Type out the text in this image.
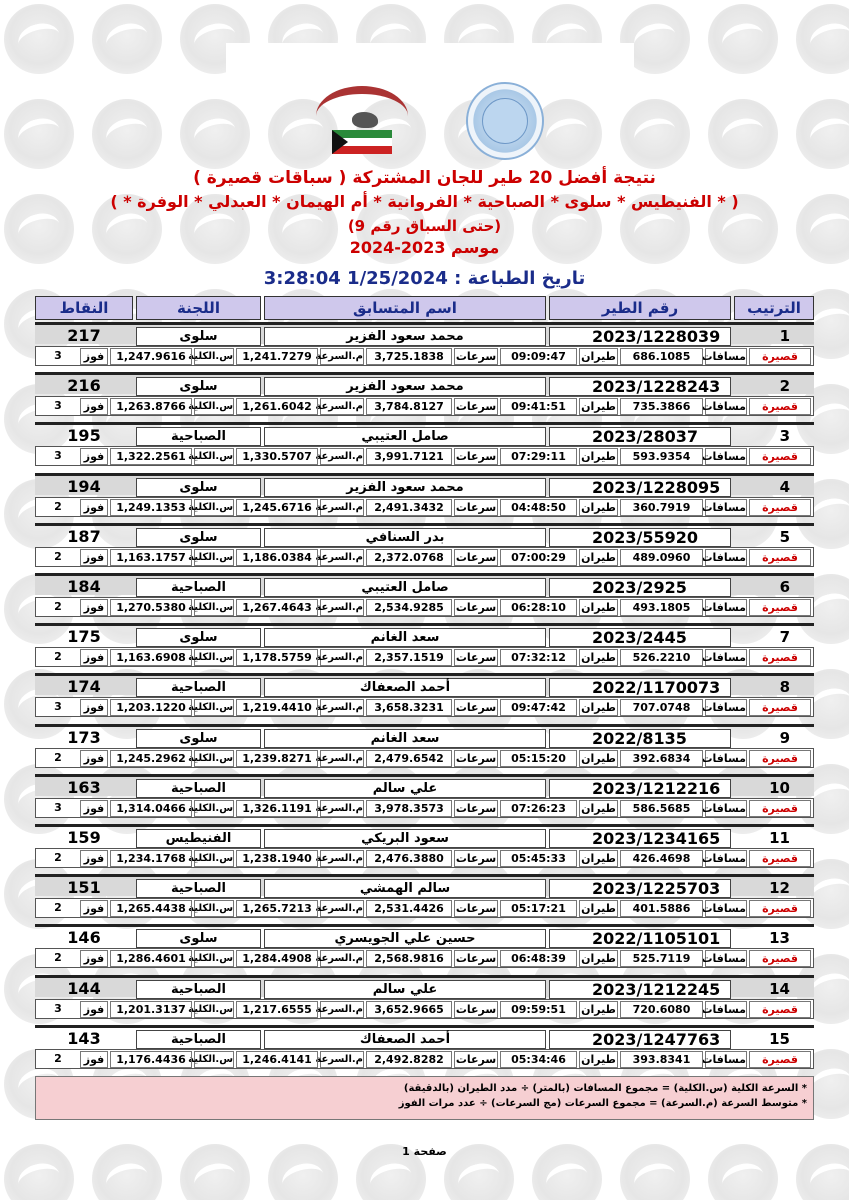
نتيجة أفضل 20 طير للجان المشتركة ( سباقات قصيرة )
( * الفنيطيس * سلوى * الصباحية * الفروانية * أم الهيمان * العبدلي * الوفرة * )
(حتى السباق رقم 9)
موسم 2023-2024
تاريخ الطباعة : 1/25/2024 3:28:04
الترتيب
رقم الطير
اسم المتسابق
اللجنة
النقاط
1
2023/1228039
محمد سعود الفزير
سلوى
217
قصيرة
مسافات
686.1085
طيران
09:09:47
سرعات
3,725.1838
م.السرعة
1,241.7279
س.الكلية
1,247.9616
فوز
3
2
2023/1228243
محمد سعود الفزير
سلوى
216
قصيرة
مسافات
735.3866
طيران
09:41:51
سرعات
3,784.8127
م.السرعة
1,261.6042
س.الكلية
1,263.8766
فوز
3
3
2023/28037
صامل العتيبي
الصباحية
195
قصيرة
مسافات
593.9354
طيران
07:29:11
سرعات
3,991.7121
م.السرعة
1,330.5707
س.الكلية
1,322.2561
فوز
3
4
2023/1228095
محمد سعود الفزير
سلوى
194
قصيرة
مسافات
360.7919
طيران
04:48:50
سرعات
2,491.3432
م.السرعة
1,245.6716
س.الكلية
1,249.1353
فوز
2
5
2023/55920
بدر السنافي
سلوى
187
قصيرة
مسافات
489.0960
طيران
07:00:29
سرعات
2,372.0768
م.السرعة
1,186.0384
س.الكلية
1,163.1757
فوز
2
6
2023/2925
صامل العتيبي
الصباحية
184
قصيرة
مسافات
493.1805
طيران
06:28:10
سرعات
2,534.9285
م.السرعة
1,267.4643
س.الكلية
1,270.5380
فوز
2
7
2023/2445
سعد الغانم
سلوى
175
قصيرة
مسافات
526.2210
طيران
07:32:12
سرعات
2,357.1519
م.السرعة
1,178.5759
س.الكلية
1,163.6908
فوز
2
8
2022/1170073
أحمد الصعفاك
الصباحية
174
قصيرة
مسافات
707.0748
طيران
09:47:42
سرعات
3,658.3231
م.السرعة
1,219.4410
س.الكلية
1,203.1220
فوز
3
9
2022/8135
سعد الغانم
سلوى
173
قصيرة
مسافات
392.6834
طيران
05:15:20
سرعات
2,479.6542
م.السرعة
1,239.8271
س.الكلية
1,245.2962
فوز
2
10
2023/1212216
علي سالم
الصباحية
163
قصيرة
مسافات
586.5685
طيران
07:26:23
سرعات
3,978.3573
م.السرعة
1,326.1191
س.الكلية
1,314.0466
فوز
3
11
2023/1234165
سعود البريكي
الفنيطيس
159
قصيرة
مسافات
426.4698
طيران
05:45:33
سرعات
2,476.3880
م.السرعة
1,238.1940
س.الكلية
1,234.1768
فوز
2
12
2023/1225703
سالم الهمشي
الصباحية
151
قصيرة
مسافات
401.5886
طيران
05:17:21
سرعات
2,531.4426
م.السرعة
1,265.7213
س.الكلية
1,265.4438
فوز
2
13
2022/1105101
حسين علي الجويسري
سلوى
146
قصيرة
مسافات
525.7119
طيران
06:48:39
سرعات
2,568.9816
م.السرعة
1,284.4908
س.الكلية
1,286.4601
فوز
2
14
2023/1212245
علي سالم
الصباحية
144
قصيرة
مسافات
720.6080
طيران
09:59:51
سرعات
3,652.9665
م.السرعة
1,217.6555
س.الكلية
1,201.3137
فوز
3
15
2023/1247763
أحمد الصعفاك
الصباحية
143
قصيرة
مسافات
393.8341
طيران
05:34:46
سرعات
2,492.8282
م.السرعة
1,246.4141
س.الكلية
1,176.4436
فوز
2
* السرعة الكلية (س.الكلية) = مجموع المسافات (بالمتر) ÷ مدد الطيران (بالدقيقة)
* متوسط السرعة (م.السرعة) = مجموع السرعات (مج السرعات) ÷ عدد مرات الفوز
صفحة 1
